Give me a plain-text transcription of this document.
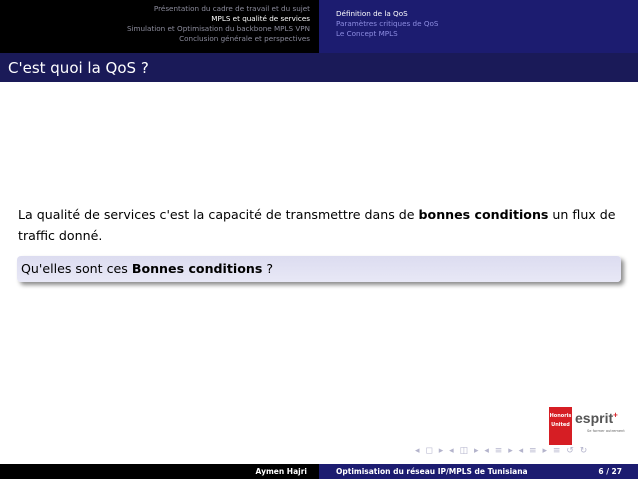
Présentation du cadre de travail et du sujet
MPLS et qualité de services
Simulation et Optimisation du backbone MPLS VPN
Conclusion générale et perspectives
Définition de la QoS
Paramètres critiques de QoS
Le Concept MPLS
C'est quoi la QoS ?
La qualité de services c'est la capacité de transmettre dans de bonnes conditions un flux de traffic donné.
Qu'elles sont ces Bonnes conditions ?
Honoris
United esprit+
Se former autrement
◂ ◻ ▸ ◂ ◫ ▸ ◂ ≡ ▸ ◂ ≡ ▸ ≡ ↺ ↻
Aymen Hajri	Optimisation du réseau IP/MPLS de Tunisiana	6 / 27
